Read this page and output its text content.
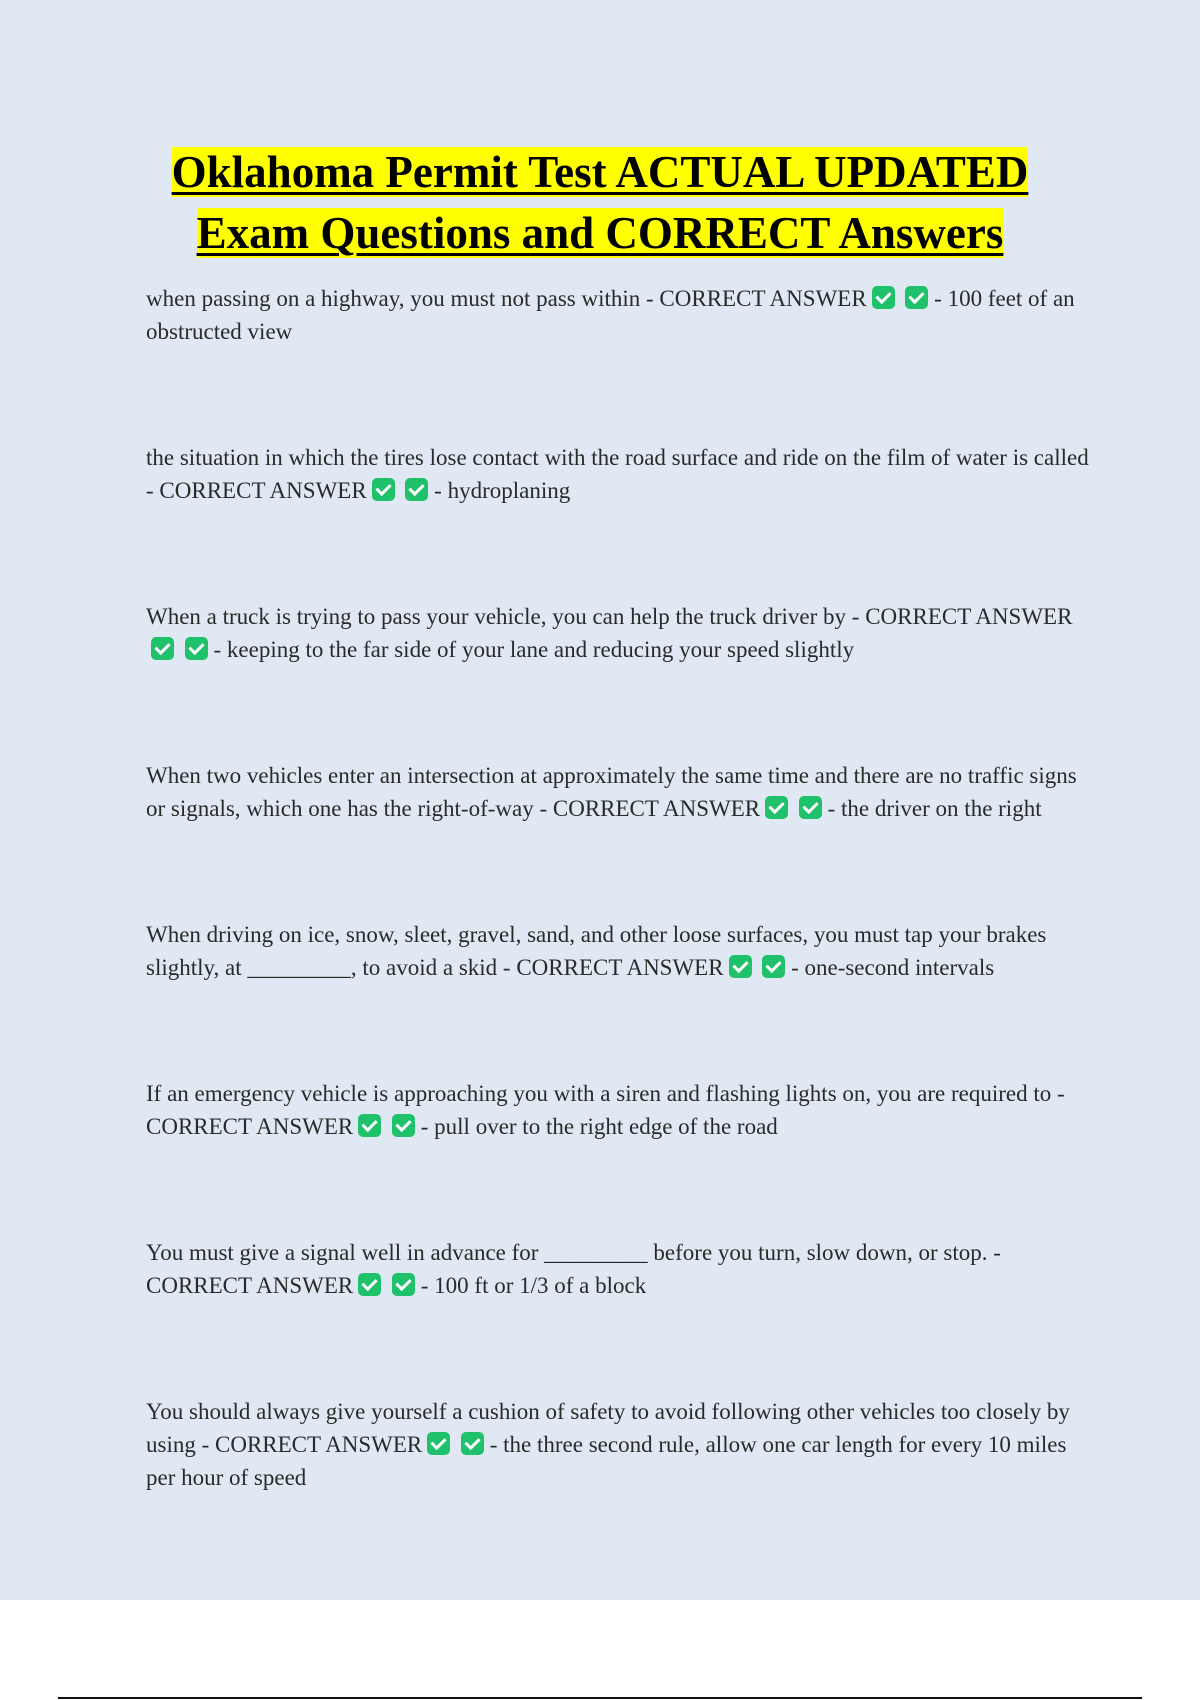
Oklahoma Permit Test ACTUAL UPDATED
Exam Questions and CORRECT Answers

when passing on a highway, you must not pass within - CORRECT ANSWER	- 100 feet of an obstructed view

the situation in which the tires lose contact with the road surface and ride on the film of water is called - CORRECT ANSWER	- hydroplaning

When a truck is trying to pass your vehicle, you can help the truck driver by - CORRECT ANSWER  - keeping to the far side of your lane and reducing your speed slightly

When two vehicles enter an intersection at approximately the same time and there are no traffic signs or signals, which one has the right-of-way - CORRECT ANSWER	- the driver on the right

When driving on ice, snow, sleet, gravel, sand, and other loose surfaces, you must tap your brakes slightly, at _________, to avoid a skid - CORRECT ANSWER	- one-second intervals

If an emergency vehicle is approaching you with a siren and flashing lights on, you are required to - CORRECT ANSWER	- pull over to the right edge of the road

You must give a signal well in advance for _________ before you turn, slow down, or stop. - CORRECT ANSWER	- 100 ft or 1/3 of a block

You should always give yourself a cushion of safety to avoid following other vehicles too closely by using - CORRECT ANSWER	- the three second rule, allow one car length for every 10 miles per hour of speed
